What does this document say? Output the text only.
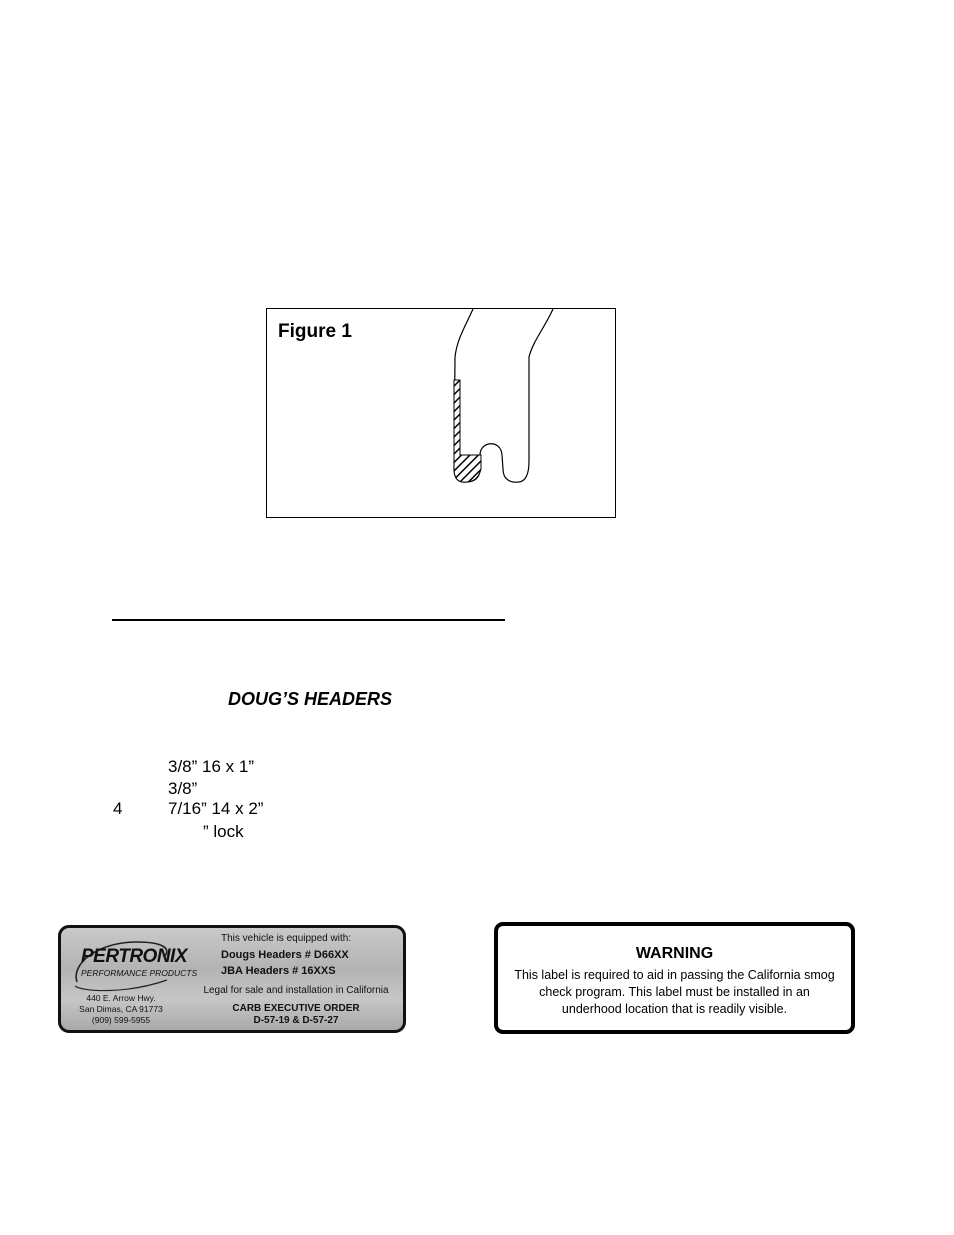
Figure 1
DOUG’S HEADERS
4
3/8” 16 x 1”
3/8”
7/16” 14 x 2”
” lock
PERTRONIX
PERFORMANCE PRODUCTS
440 E. Arrow Hwy.
San Dimas, CA 91773
(909) 599-5955
This vehicle is equipped with:
Dougs Headers # D66XX
JBA Headers # 16XXS
Legal for sale and installation in California
CARB EXECUTIVE ORDER
D-57-19 & D-57-27
WARNING
This label is required to aid in passing the California smog check program. This label must be installed in an underhood location that is readily visible.
